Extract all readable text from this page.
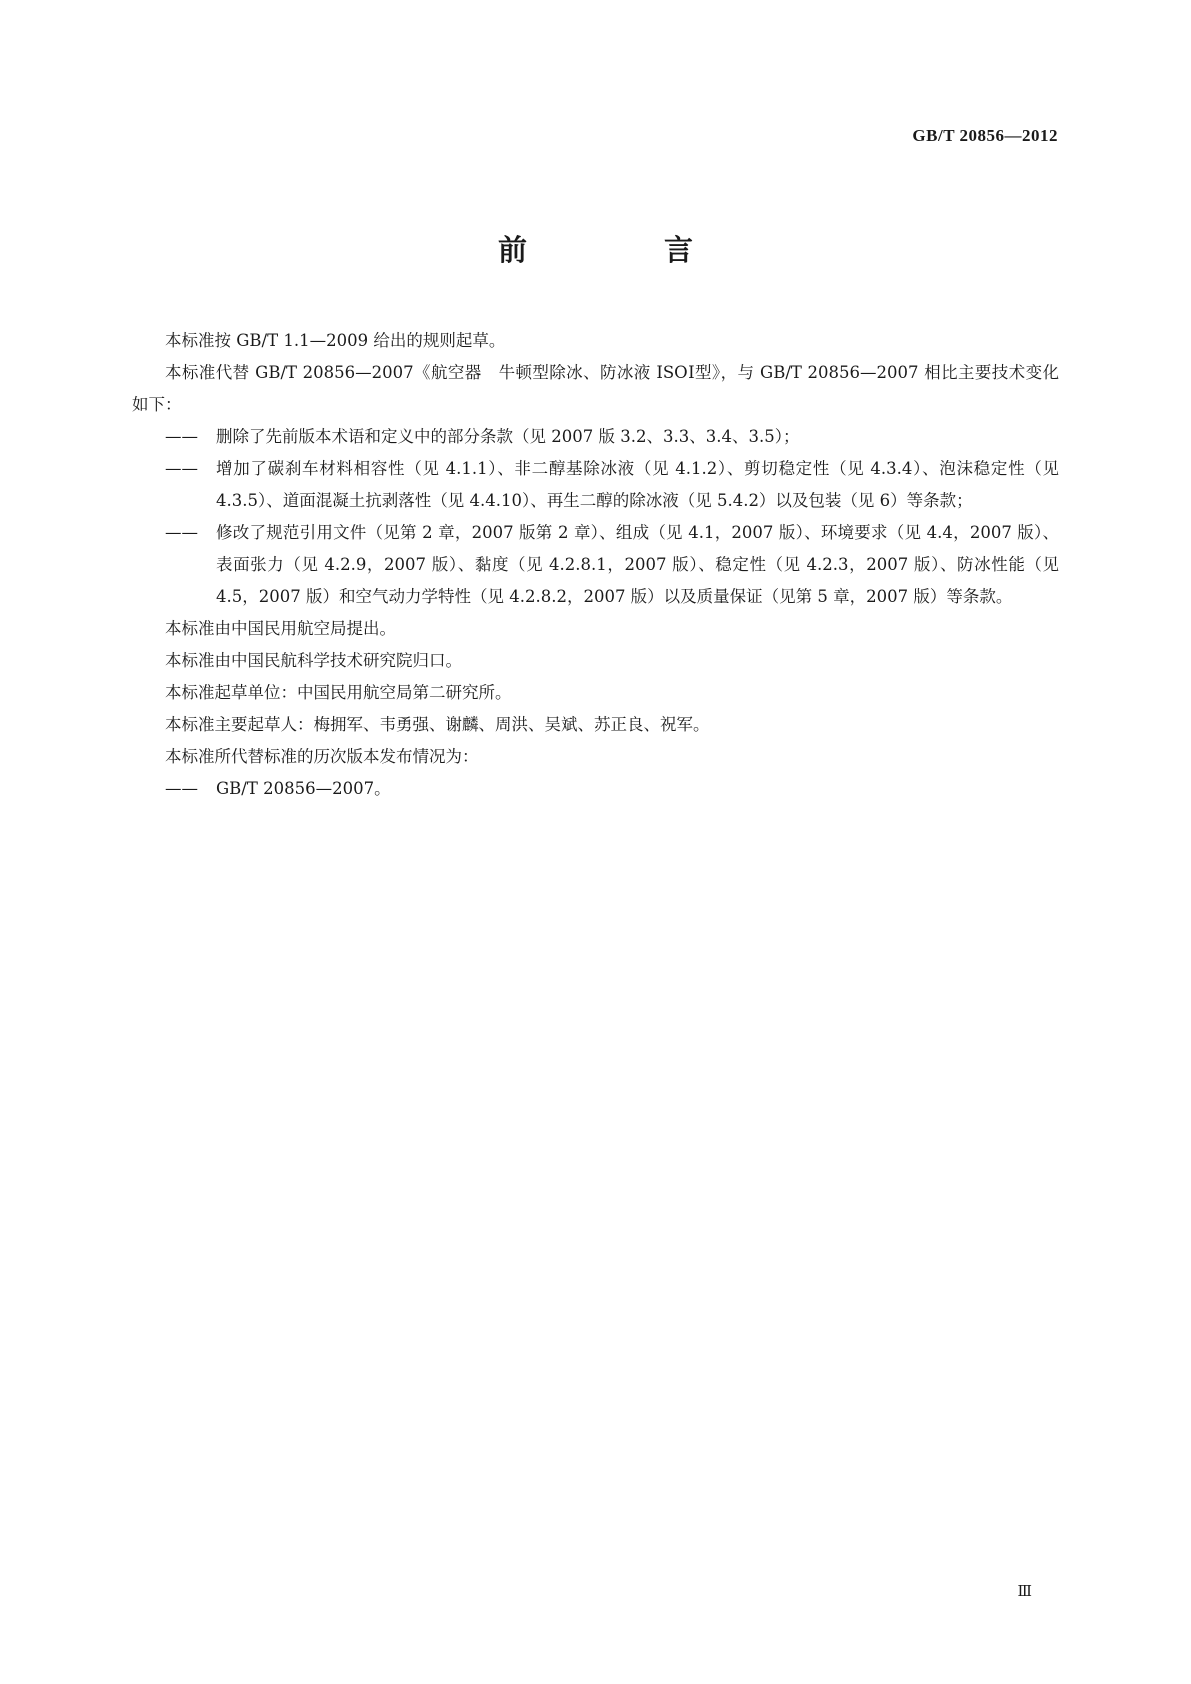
GB/T 20856—2012
前　言

本标准按 GB/T 1.1—2009 给出的规则起草。

本标准代替 GB/T 20856—2007《航空器　牛顿型除冰、防冰液 ISOⅠ型》，与 GB/T 20856—2007 相比主要技术变化如下：

—— 删除了先前版本术语和定义中的部分条款（见 2007 版 3.2、3.3、3.4、3.5）；
—— 增加了碳刹车材料相容性（见 4.1.1）、非二醇基除冰液（见 4.1.2）、剪切稳定性（见 4.3.4）、泡沫稳定性（见 4.3.5）、道面混凝土抗剥落性（见 4.4.10）、再生二醇的除冰液（见 5.4.2）以及包装（见 6）等条款；
—— 修改了规范引用文件（见第 2 章，2007 版第 2 章）、组成（见 4.1，2007 版）、环境要求（见 4.4，2007 版）、表面张力（见 4.2.9，2007 版）、黏度（见 4.2.8.1，2007 版）、稳定性（见 4.2.3，2007 版）、防冰性能（见 4.5，2007 版）和空气动力学特性（见 4.2.8.2，2007 版）以及质量保证（见第 5 章，2007 版）等条款。

本标准由中国民用航空局提出。

本标准由中国民航科学技术研究院归口。

本标准起草单位：中国民用航空局第二研究所。

本标准主要起草人：梅拥军、韦勇强、谢麟、周洪、吴斌、苏正良、祝军。

本标准所代替标准的历次版本发布情况为：

—— GB/T 20856—2007。
Ⅲ
